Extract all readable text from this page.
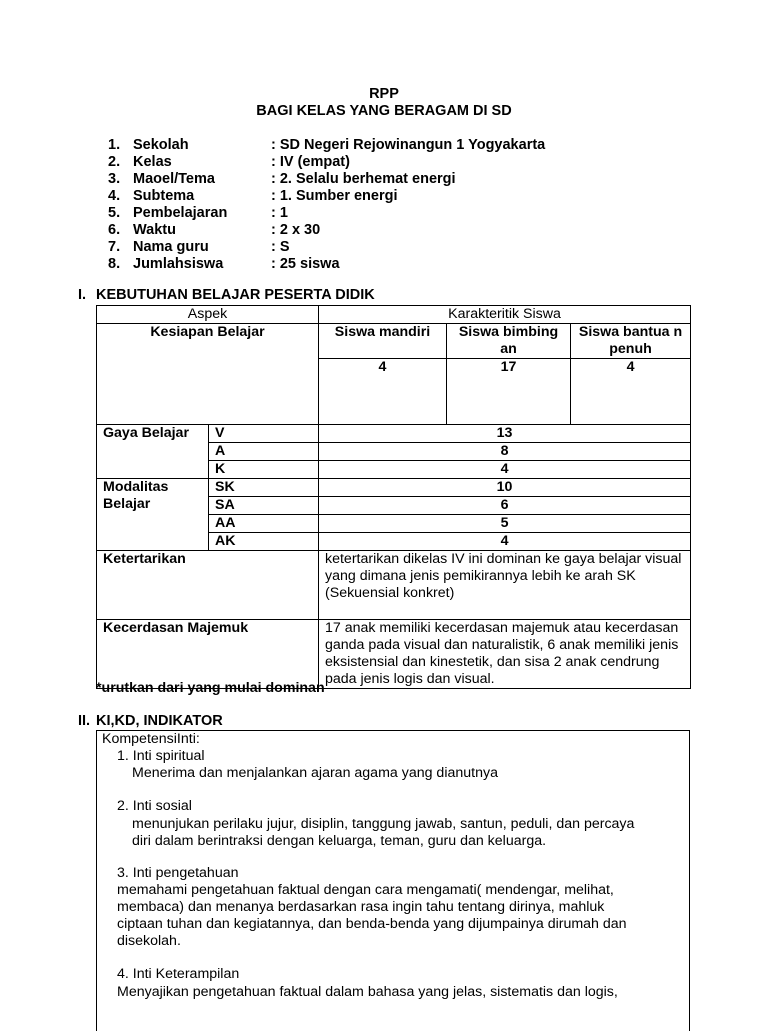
RPP
BAGI KELAS YANG BERAGAM DI SD
1. Sekolah	: SD Negeri Rejowinangun 1 Yogyakarta
2. Kelas	: IV (empat)
3. Maoel/Tema	: 2. Selalu berhemat energi
4. Subtema	: 1. Sumber energi
5. Pembelajaran	: 1
6. Waktu	: 2 x 30
7. Nama guru	: S
8. Jumlahsiswa	: 25 siswa
I. KEBUTUHAN BELAJAR PESERTA DIDIK
Aspek		Karakteritik Siswa		
Kesiapan Belajar		Siswa mandiri	Siswa bimbing an	Siswa bantua n penuh
		4	17	4
Gaya Belajar	V	13		
	A	8		
	K	4		
Modalitas Belajar	SK	10		
	SA	6		
	AA	5		
	AK	4		
Ketertarikan		ketertarikan dikelas IV ini dominan ke gaya belajar visual yang dimana jenis pemikirannya lebih ke arah SK (Sekuensial konkret)		
Kecerdasan Majemuk		17 anak memiliki kecerdasan majemuk atau kecerdasan ganda pada visual dan naturalistik, 6 anak memiliki jenis eksistensial dan kinestetik, dan sisa 2 anak cendrung pada jenis logis dan visual.		
*urutkan dari yang mulai dominan
II. KI,KD, INDIKATOR
KompetensiInti:
1. Inti spiritual
Menerima dan menjalankan ajaran agama yang dianutnya
2. Inti sosial
menunjukan perilaku jujur, disiplin, tanggung jawab, santun, peduli, dan percaya
diri dalam berintraksi dengan keluarga, teman, guru dan keluarga.
3. Inti pengetahuan
memahami pengetahuan faktual dengan cara mengamati( mendengar, melihat,
membaca) dan menanya berdasarkan rasa ingin tahu tentang dirinya, mahluk
ciptaan tuhan dan kegiatannya, dan benda-benda yang dijumpainya dirumah dan
disekolah.
4. Inti Keterampilan
Menyajikan pengetahuan faktual dalam bahasa yang jelas, sistematis dan logis,
